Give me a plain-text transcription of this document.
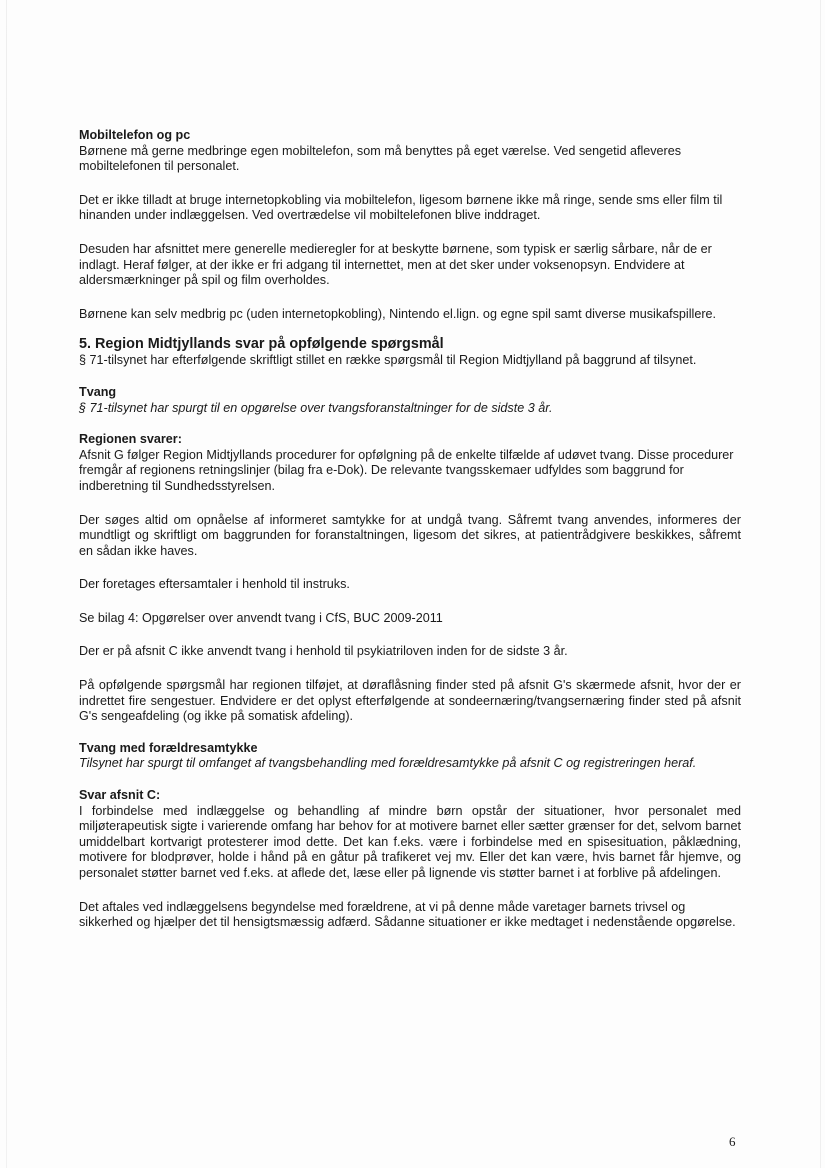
Mobiltelefon og pc
Børnene må gerne medbringe egen mobiltelefon, som må benyttes på eget værelse. Ved sengetid afleveres mobiltelefonen til personalet.
Det er ikke tilladt at bruge internetopkobling via mobiltelefon, ligesom børnene ikke må ringe, sende sms eller film til hinanden under indlæggelsen. Ved overtrædelse vil mobiltelefonen blive inddraget.
Desuden har afsnittet mere generelle medieregler for at beskytte børnene, som typisk er særlig sårbare, når de er indlagt. Heraf følger, at der ikke er fri adgang til internettet, men at det sker under voksenopsyn. Endvidere at aldersmærkninger på spil og film overholdes.
Børnene kan selv medbrig pc (uden internetopkobling), Nintendo el.lign. og egne spil samt diverse musikafspillere.
5. Region Midtjyllands svar på opfølgende spørgsmål
§ 71-tilsynet har efterfølgende skriftligt stillet en række spørgsmål til Region Midtjylland på baggrund af tilsynet.
Tvang
§ 71-tilsynet har spurgt til en opgørelse over tvangsforanstaltninger for de sidste 3 år.
Regionen svarer:
Afsnit G følger Region Midtjyllands procedurer for opfølgning på de enkelte tilfælde af udøvet tvang. Disse procedurer fremgår af regionens retningslinjer (bilag fra e-Dok). De relevante tvangsskemaer udfyldes som baggrund for indberetning til Sundhedsstyrelsen.
Der søges altid om opnåelse af informeret samtykke for at undgå tvang. Såfremt tvang anvendes, informeres der mundtligt og skriftligt om baggrunden for foranstaltningen, ligesom det sikres, at patientrådgivere beskikkes, såfremt en sådan ikke haves.
Der foretages eftersamtaler i henhold til instruks.
Se bilag 4: Opgørelser over anvendt tvang i CfS, BUC 2009-2011
Der er på afsnit C ikke anvendt tvang i henhold til psykiatriloven inden for de sidste 3 år.
På opfølgende spørgsmål har regionen tilføjet, at døraflåsning finder sted på afsnit G's skærmede afsnit, hvor der er indrettet fire sengestuer. Endvidere er det oplyst efterfølgende at sondeernæring/tvangsernæring finder sted på afsnit G's sengeafdeling (og ikke på somatisk afdeling).
Tvang med forældresamtykke
Tilsynet har spurgt til omfanget af tvangsbehandling med forældresamtykke på afsnit C og registreringen heraf.
Svar afsnit C:
I forbindelse med indlæggelse og behandling af mindre børn opstår der situationer, hvor personalet med miljøterapeutisk sigte i varierende omfang har behov for at motivere barnet eller sætter grænser for det, selvom barnet umiddelbart kortvarigt protesterer imod dette. Det kan f.eks. være i forbindelse med en spisesituation, påklædning, motivere for blodprøver, holde i hånd på en gåtur på trafikeret vej mv. Eller det kan være, hvis barnet får hjemve, og personalet støtter barnet ved f.eks. at aflede det, læse eller på lignende vis støtter barnet i at forblive på afdelingen.
Det aftales ved indlæggelsens begyndelse med forældrene, at vi på denne måde varetager barnets trivsel og sikkerhed og hjælper det til hensigtsmæssig adfærd. Sådanne situationer er ikke medtaget i nedenstående opgørelse.
6
